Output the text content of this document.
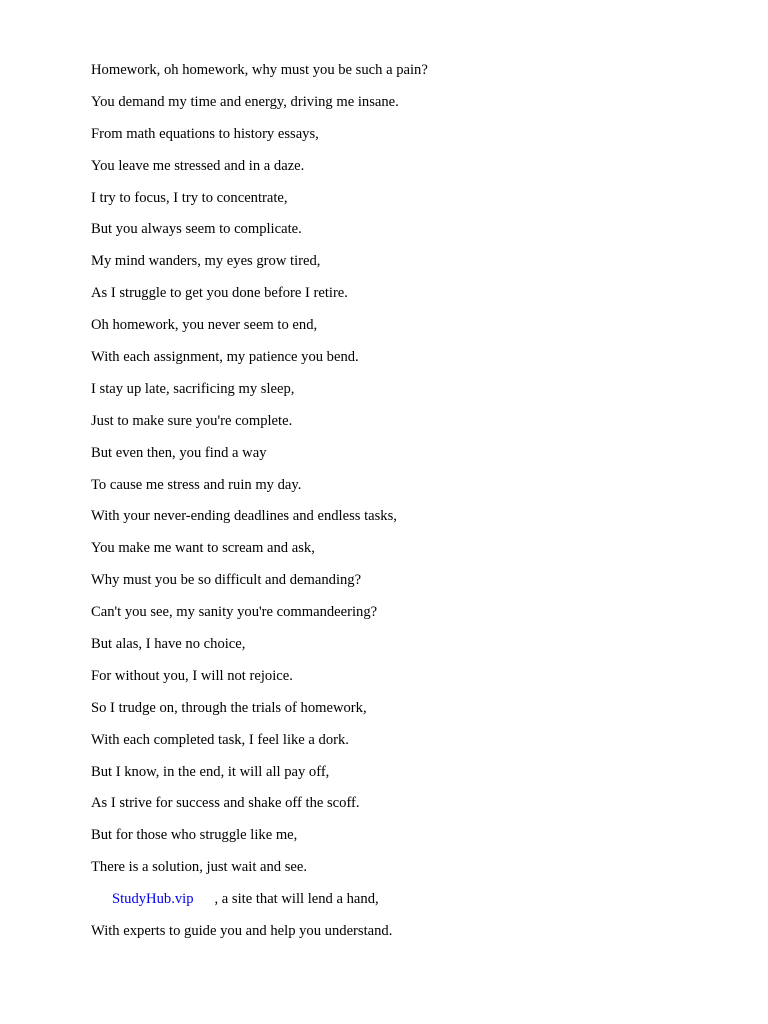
Homework, oh homework, why must you be such a pain?
You demand my time and energy, driving me insane.
From math equations to history essays,
You leave me stressed and in a daze.
I try to focus, I try to concentrate,
But you always seem to complicate.
My mind wanders, my eyes grow tired,
As I struggle to get you done before I retire.
Oh homework, you never seem to end,
With each assignment, my patience you bend.
I stay up late, sacrificing my sleep,
Just to make sure you're complete.
But even then, you find a way
To cause me stress and ruin my day.
With your never-ending deadlines and endless tasks,
You make me want to scream and ask,
Why must you be so difficult and demanding?
Can't you see, my sanity you're commandeering?
But alas, I have no choice,
For without you, I will not rejoice.
So I trudge on, through the trials of homework,
With each completed task, I feel like a dork.
But I know, in the end, it will all pay off,
As I strive for success and shake off the scoff.
But for those who struggle like me,
There is a solution, just wait and see.
StudyHub.vip , a site that will lend a hand,
With experts to guide you and help you understand.
